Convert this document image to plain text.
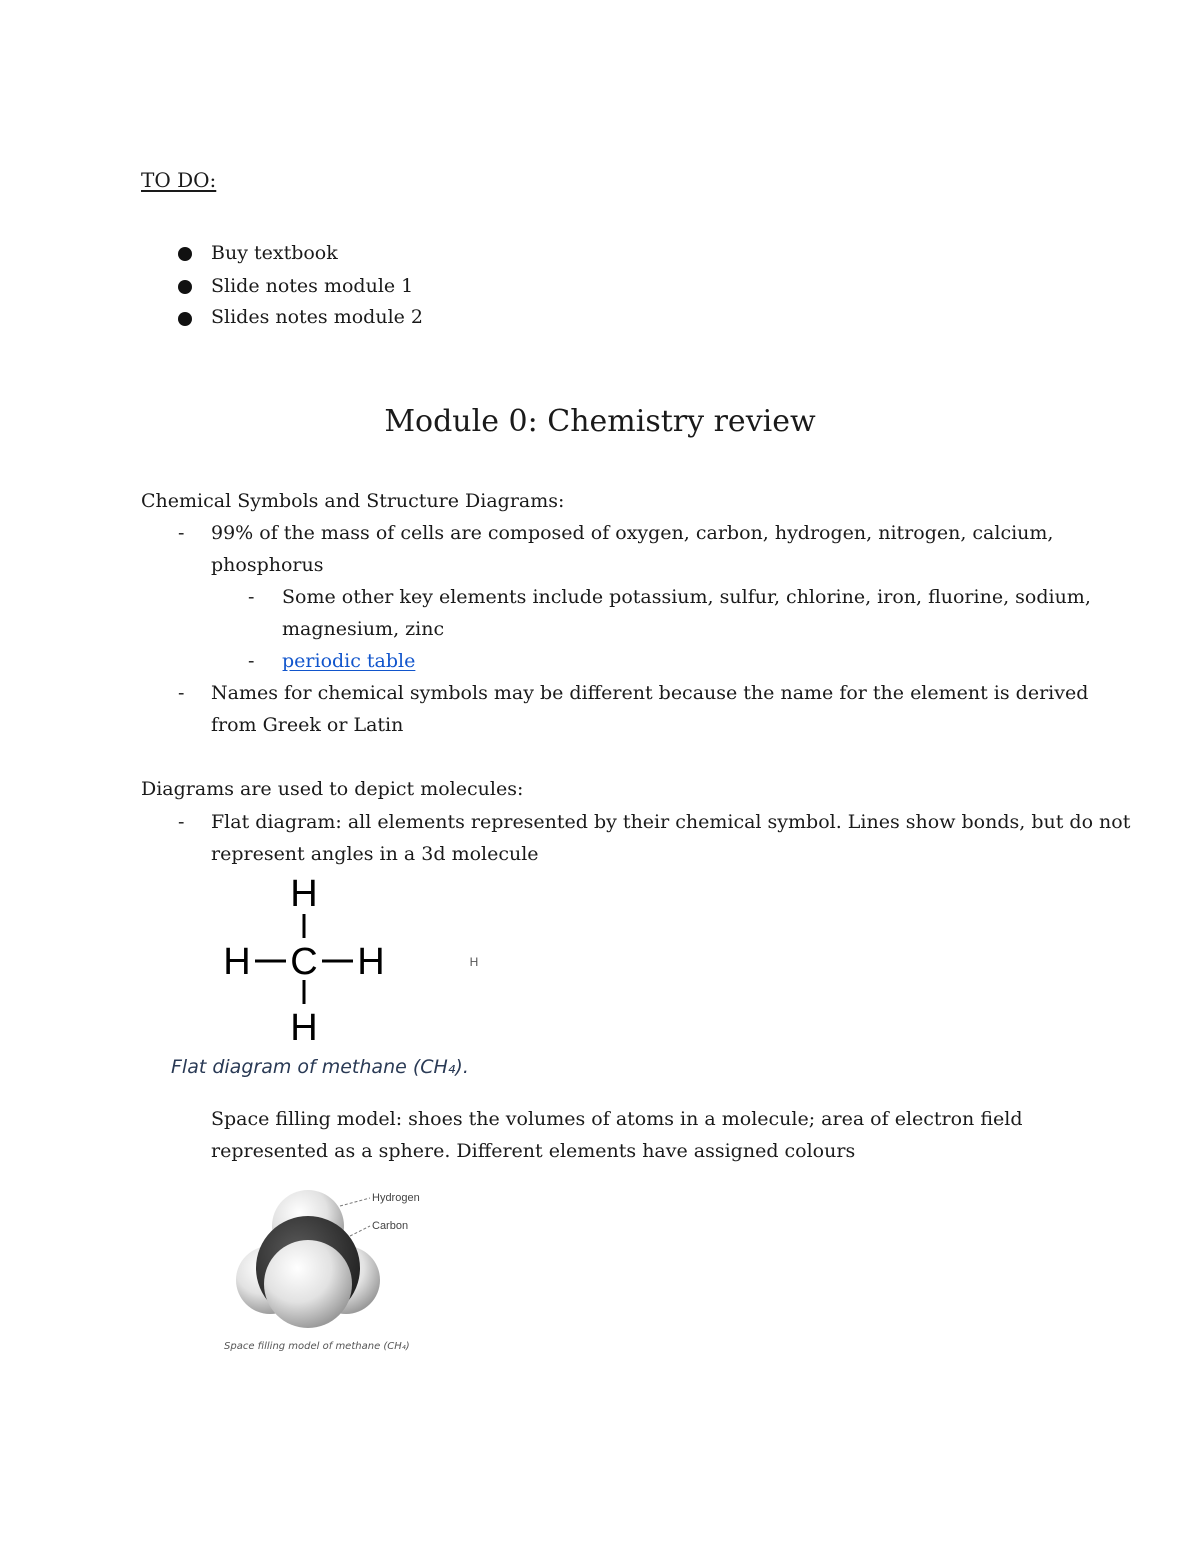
TO DO:
Buy textbook
Slide notes module 1
Slides notes module 2
Module 0: Chemistry review
Chemical Symbols and Structure Diagrams:
- 99% of the mass of cells are composed of oxygen, carbon, hydrogen, nitrogen, calcium,
phosphorus
- Some other key elements include potassium, sulfur, chlorine, iron, fluorine, sodium,
magnesium, zinc
- periodic table
- Names for chemical symbols may be different because the name for the element is derived
from Greek or Latin
Diagrams are used to depict molecules:
- Flat diagram: all elements represented by their chemical symbol. Lines show bonds, but do not
represent angles in a 3d molecule
H
H C H
H
H
Flat diagram of methane (CH₄).
Space filling model: shoes the volumes of atoms in a molecule; area of electron field
represented as a sphere. Different elements have assigned colours
Hydrogen
Carbon
Space filling model of methane (CH₄)
